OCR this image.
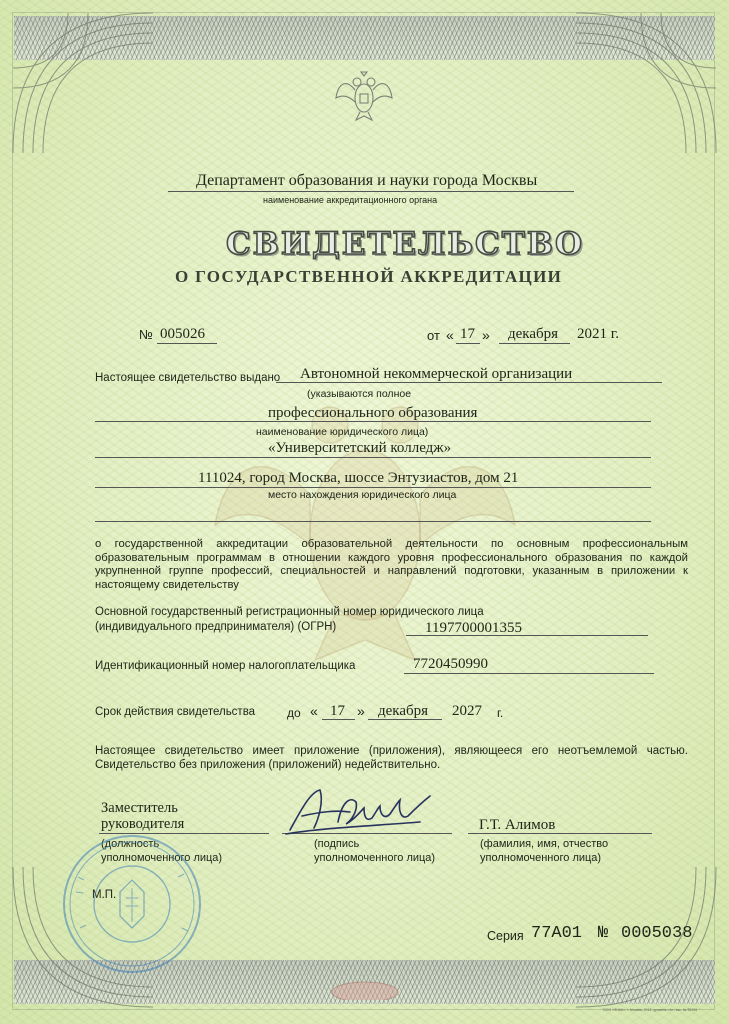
Департамент образования и науки города Москвы
наименование аккредитационного органа
СВИДЕТЕЛЬСТВО
О ГОСУДАРСТВЕННОЙ АККРЕДИТАЦИИ
№ 005026	от « 17 » декабря 2021 г.
Настоящее свидетельство выдано Автономной некоммерческой организации
(указываются полное
профессионального образования
наименование юридического лица)
«Университетский колледж»
111024, город Москва, шоссе Энтузиастов, дом 21
место нахождения юридического лица
о государственной аккредитации образовательной деятельности по основным профессиональным образовательным программам в отношении каждого уровня профессионального образования по каждой укрупненной группе профессий, специальностей и направлений подготовки, указанным в приложении к настоящему свидетельству
Основной государственный регистрационный номер юридического лица
(индивидуального предпринимателя) (ОГРН)	1197700001355
Идентификационный номер налогоплательщика	7720450990
Срок действия свидетельства	до « 17 » декабря 2027 г.
Настоящее свидетельство имеет приложение (приложения), являющееся его неотъемлемой частью. Свидетельство без приложения (приложений) недействительно.
Заместитель
руководителя
(должность
уполномоченного лица)
(подпись
уполномоченного лица)
Г.Т. Алимов
(фамилия, имя, отчество
уполномоченного лица)
М.П.
Серия 77А01 № 0005038
ООО «ЗНАК», г. Москва, 2014, уровень «А», зак. № 33106
